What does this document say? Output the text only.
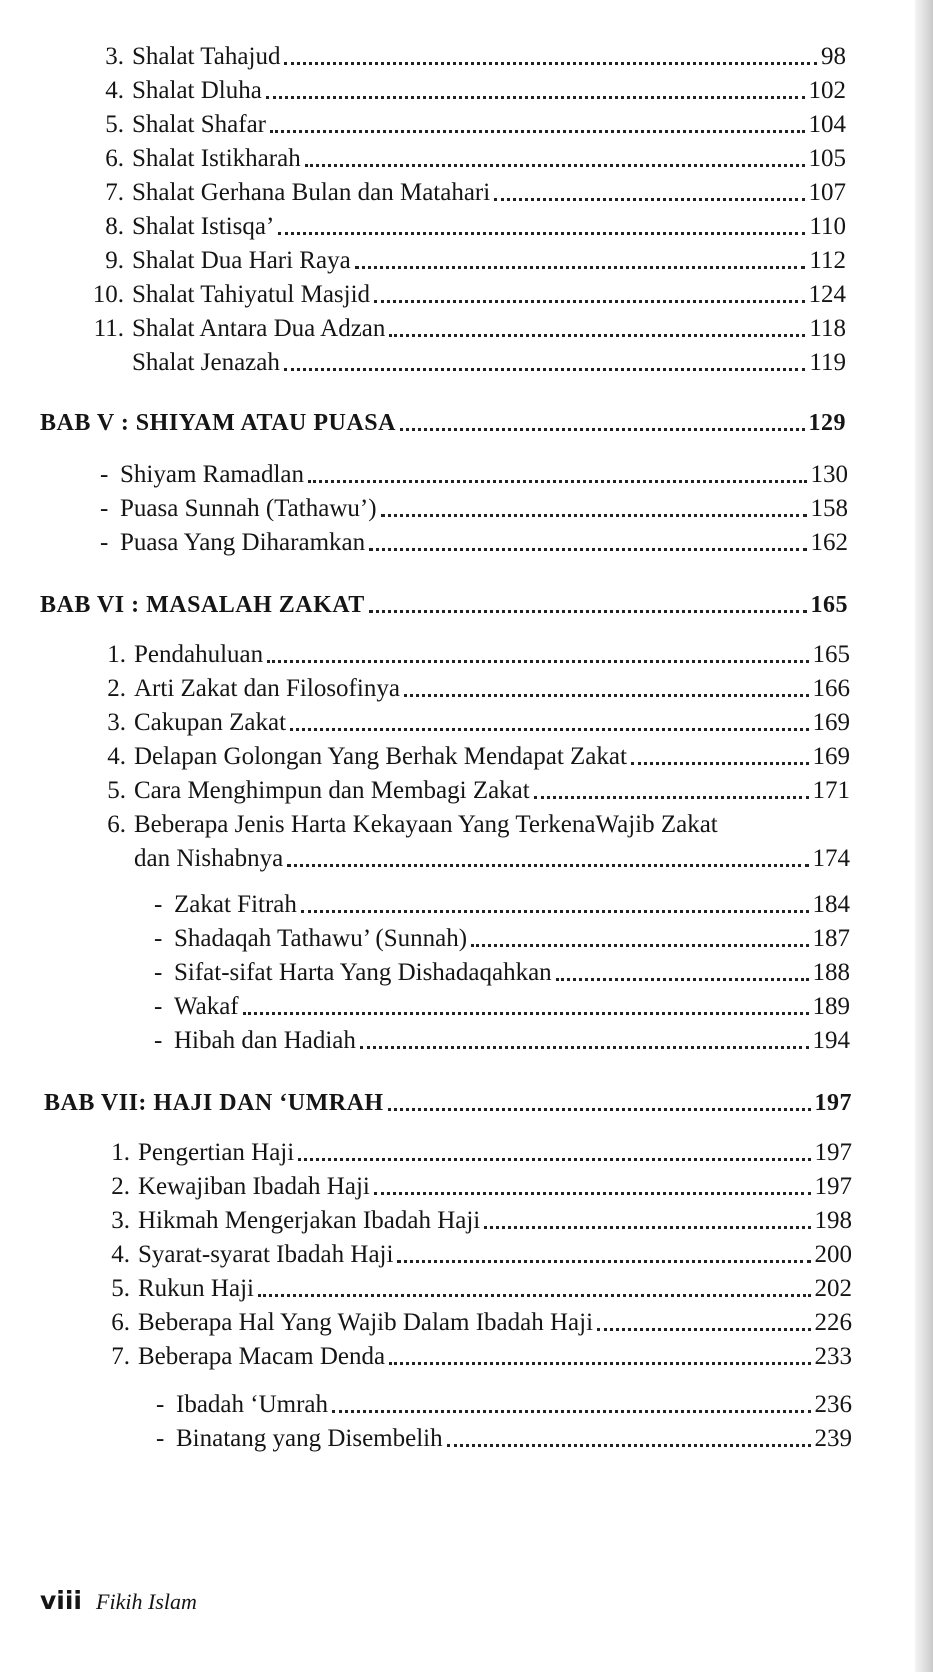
3. Shalat Tahajud	98
4. Shalat Dluha	102
5. Shalat Shafar	104
6. Shalat Istikharah	105
7. Shalat Gerhana Bulan dan Matahari	107
8. Shalat Istisqa’	110
9. Shalat Dua Hari Raya	112
10. Shalat Tahiyatul Masjid	124
11. Shalat Antara Dua Adzan	118
Shalat Jenazah	119
BAB V : SHIYAM ATAU PUASA	129
- Shiyam Ramadlan	130
- Puasa Sunnah (Tathawu’)	158
- Puasa Yang Diharamkan	162
BAB VI : MASALAH ZAKAT	165
1. Pendahuluan	165
2. Arti Zakat dan Filosofinya	166
3. Cakupan Zakat	169
4. Delapan Golongan Yang Berhak Mendapat Zakat	169
5. Cara Menghimpun dan Membagi Zakat	171
6. Beberapa Jenis Harta Kekayaan Yang TerkenaWajib Zakat
dan Nishabnya	174
- Zakat Fitrah	184
- Shadaqah Tathawu’ (Sunnah)	187
- Sifat-sifat Harta Yang Dishadaqahkan	188
- Wakaf	189
- Hibah dan Hadiah	194
BAB VII: HAJI DAN ‘UMRAH	197
1. Pengertian Haji	197
2. Kewajiban Ibadah Haji	197
3. Hikmah Mengerjakan Ibadah Haji	198
4. Syarat-syarat Ibadah Haji	200
5. Rukun Haji	202
6. Beberapa Hal Yang Wajib Dalam Ibadah Haji	226
7. Beberapa Macam Denda	233
- Ibadah ‘Umrah	236
- Binatang yang Disembelih	239
viii Fikih Islam
